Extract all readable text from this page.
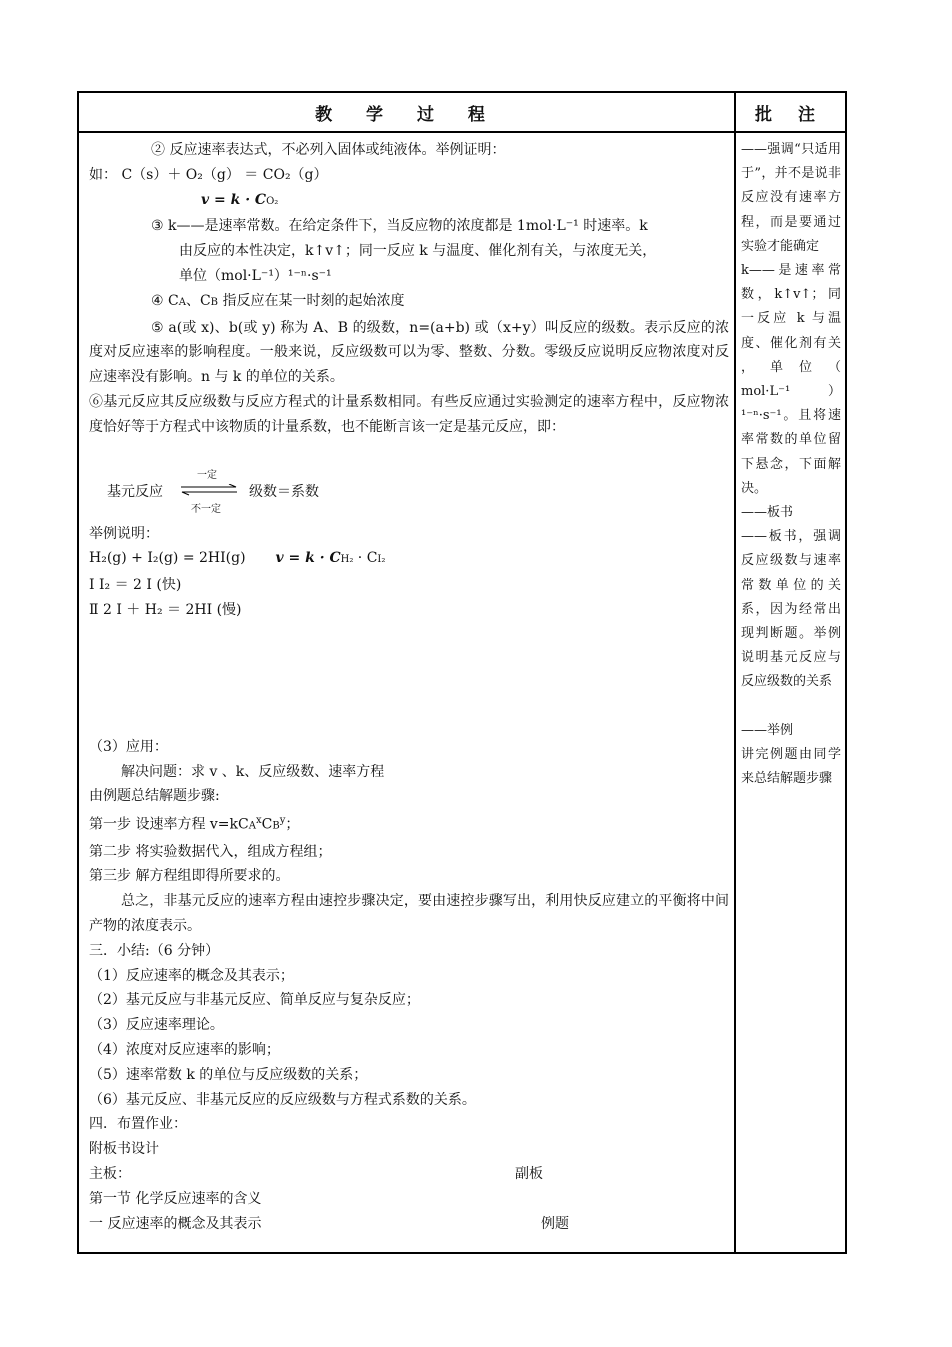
教 学 过 程	批 注

② 反应速率表达式，不必列入固体或纯液体。举例证明：

如： C（s）＋ O₂（g） ＝ CO₂（g）

v = k · CO₂

③ k——是速率常数。在给定条件下，当反应物的浓度都是 1mol·L⁻¹ 时速率。k

由反应的本性决定，k↑v↑；同一反应 k 与温度、催化剂有关，与浓度无关，

单位（mol·L⁻¹）¹⁻ⁿ·s⁻¹

④ CA、CB 指反应在某一时刻的起始浓度

⑤ a(或 x)、b(或 y) 称为 A、B 的级数，n=(a+b) 或（x+y）叫反应的级数。表示反应的浓度对反应速率的影响程度。一般来说，反应级数可以为零、整数、分数。零级反应说明反应物浓度对反应速率没有影响。n 与 k 的单位的关系。

⑥基元反应其反应级数与反应方程式的计量系数相同。有些反应通过实验测定的速率方程中，反应物浓度恰好等于方程式中该物质的计量系数，也不能断言该一定是基元反应，即：

基元反应
一定
不一定
级数＝系数

举例说明：

H₂(g) + I₂(g) = 2HI(g) v = k · CH₂ · CI₂

Ⅰ I₂ ＝ 2 I (快)

Ⅱ 2 I ＋ H₂ ＝ 2HI (慢)

（3）应用：

解决问题：求 v 、k、反应级数、速率方程

由例题总结解题步骤:

第一步 设速率方程 $v=kCA^xCB^y$；

第二步 将实验数据代入，组成方程组；

第三步 解方程组即得所要求的。

总之，非基元反应的速率方程由速控步骤决定，要由速控步骤写出，利用快反应建立的平衡将中间产物的浓度表示。

三．小结:（6 分钟）

（1）反应速率的概念及其表示；

（2）基元反应与非基元反应、简单反应与复杂反应；

（3）反应速率理论。

（4）浓度对反应速率的影响；

（5）速率常数 k 的单位与反应级数的关系；

（6）基元反应、非基元反应的反应级数与方程式系数的关系。

四．布置作业：

附板书设计

主板：	副板

第一节 化学反应速率的含义

一 反应速率的概念及其表示	例题

——强调“只适用于”，并不是说非反应没有速率方程，而是要通过实验才能确定

k——是速率常数，k↑v↑；同一反应 k 与温度、催化剂有关 ， 单 位 （ mol·L⁻¹ ）¹⁻ⁿ·s⁻¹。且将速率常数的单位留下悬念，下面解决。

——板书

——板书，强调反应级数与速率常数单位的关系，因为经常出现判断题。举例说明基元反应与反应级数的关系

——举例

讲完例题由同学来总结解题步骤
